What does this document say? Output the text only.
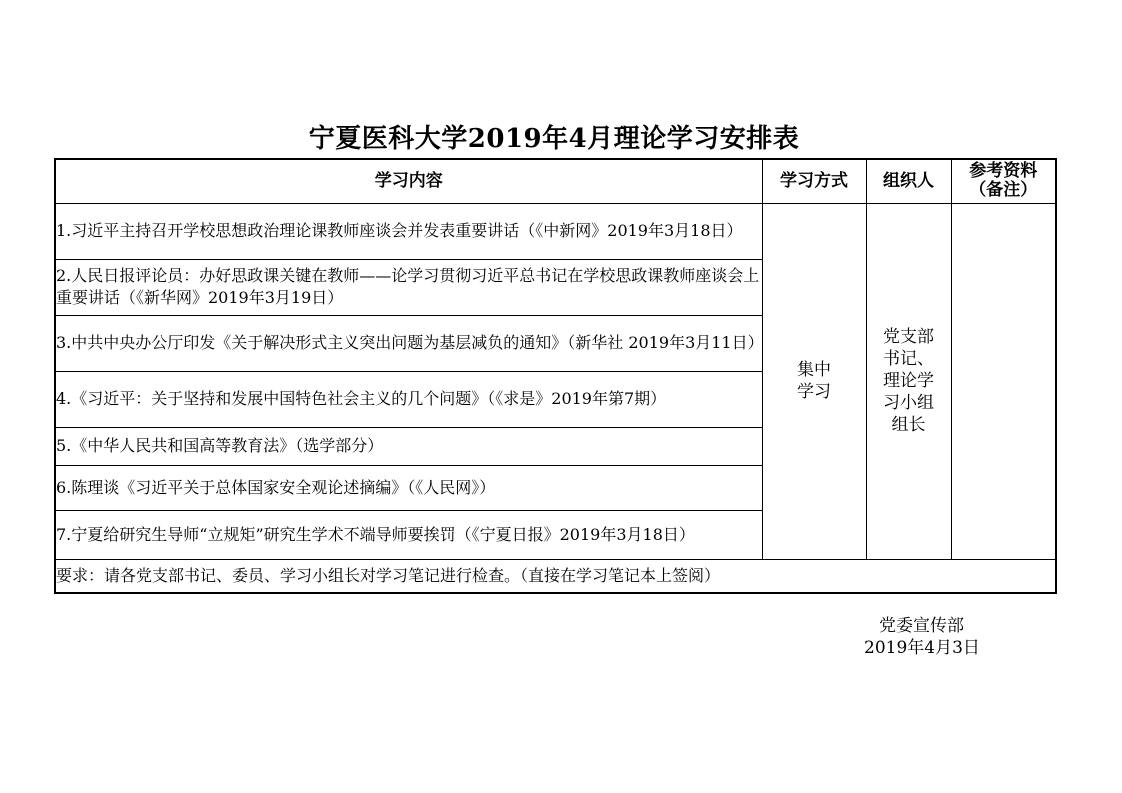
宁夏医科大学2019年4月理论学习安排表
学习内容	学习方式	组织人	参考资料（备注）
1.习近平主持召开学校思想政治理论课教师座谈会并发表重要讲话（《中新网》2019年3月18日）	集中学习	党支部书记、理论学习小组组长	
2.人民日报评论员：办好思政课关键在教师——论学习贯彻习近平总书记在学校思政课教师座谈会上重要讲话（《新华网》2019年3月19日）			
3.中共中央办公厅印发《关于解决形式主义突出问题为基层减负的通知》（新华社 2019年3月11日）			
4.《习近平：关于坚持和发展中国特色社会主义的几个问题》（《求是》2019年第7期）			
5.《中华人民共和国高等教育法》（选学部分）			
6.陈理谈《习近平关于总体国家安全观论述摘编》（《人民网》）			
7.宁夏给研究生导师“立规矩”研究生学术不端导师要挨罚（《宁夏日报》2019年3月18日）			
要求：请各党支部书记、委员、学习小组长对学习笔记进行检查。（直接在学习笔记本上签阅）			
党委宣传部
2019年4月3日
